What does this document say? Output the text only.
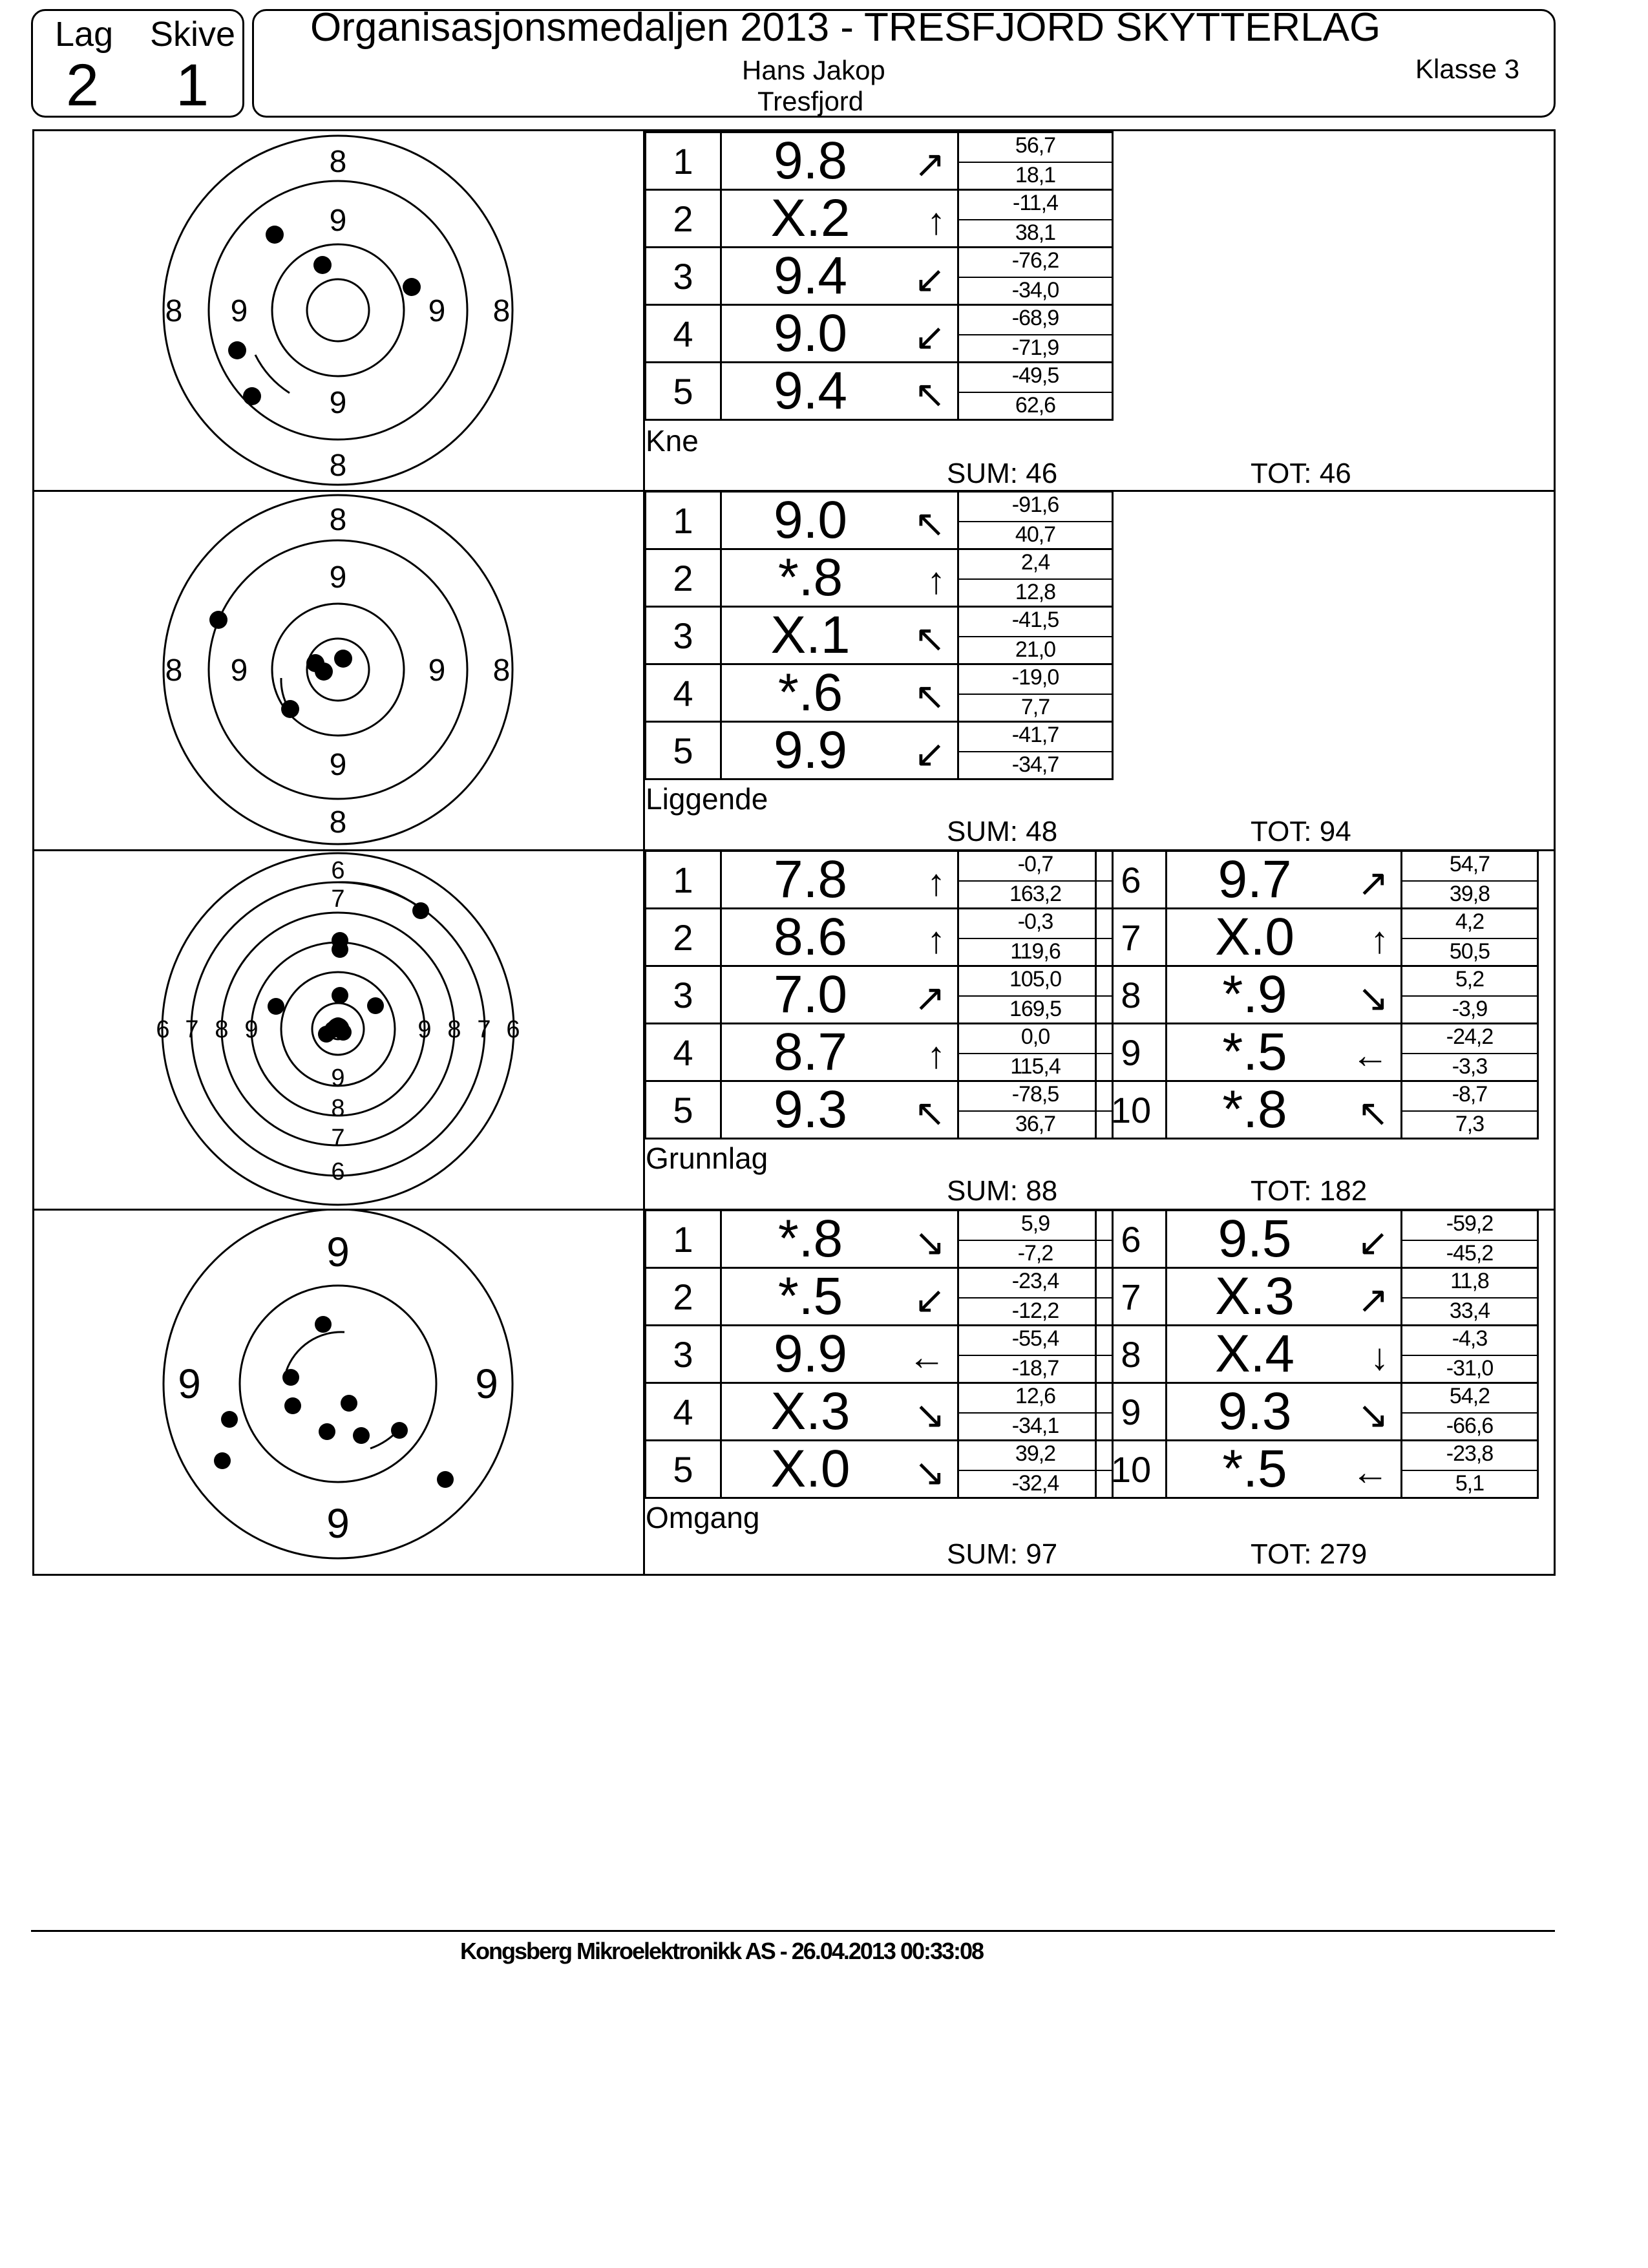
Lag Skive
2 1
Organisasjonsmedaljen 2013 - TRESFJORD SKYTTERLAG
Hans Jakop
Tresfjord
Klasse 3
8
9
8 9	9 8
9
8
1	9.8 ↗	56,7
18,1
2	X.2 ↑	-11,4
38,1
3	9.4 ↙	-76,2
-34,0
4	9.0 ↙	-68,9
-71,9
5	9.4 ↖	-49,5
62,6
Kne
SUM: 46	TOT: 46
8
9
8 9	9 8
9
8
1	9.0 ↖	-91,6
40,7
2	*.8 ↑	2,4
12,8
3	X.1 ↖	-41,5
21,0
4	*.6 ↖	-19,0
7,7
5	9.9 ↙	-41,7
-34,7
Liggende
SUM: 48	TOT: 94
6
7
6 7 8 9	9 8 7 6
9
8
7
6
1	7.8 ↑	-0,7
163,2
2	8.6 ↑	-0,3
119,6
3	7.0 ↗	105,0
169,5
4	8.7 ↑	0,0
115,4
5	9.3 ↖	-78,5
36,7
6	9.7 ↗	54,7
39,8
7	X.0 ↑	4,2
50,5
8	*.9 ↘	5,2
-3,9
9	*.5 ←	-24,2
-3,3
10	*.8 ↖	-8,7
7,3
Grunnlag
SUM: 88	TOT: 182
9
9	9
9
1	*.8 ↘	5,9
-7,2
2	*.5 ↙	-23,4
-12,2
3	9.9 ←	-55,4
-18,7
4	X.3 ↘	12,6
-34,1
5	X.0 ↘	39,2
-32,4
6	9.5 ↙	-59,2
-45,2
7	X.3 ↗	11,8
33,4
8	X.4 ↓	-4,3
-31,0
9	9.3 ↘	54,2
-66,6
10	*.5 ←	-23,8
5,1
Omgang
SUM: 97	TOT: 279
Kongsberg Mikroelektronikk AS - 26.04.2013 00:33:08
